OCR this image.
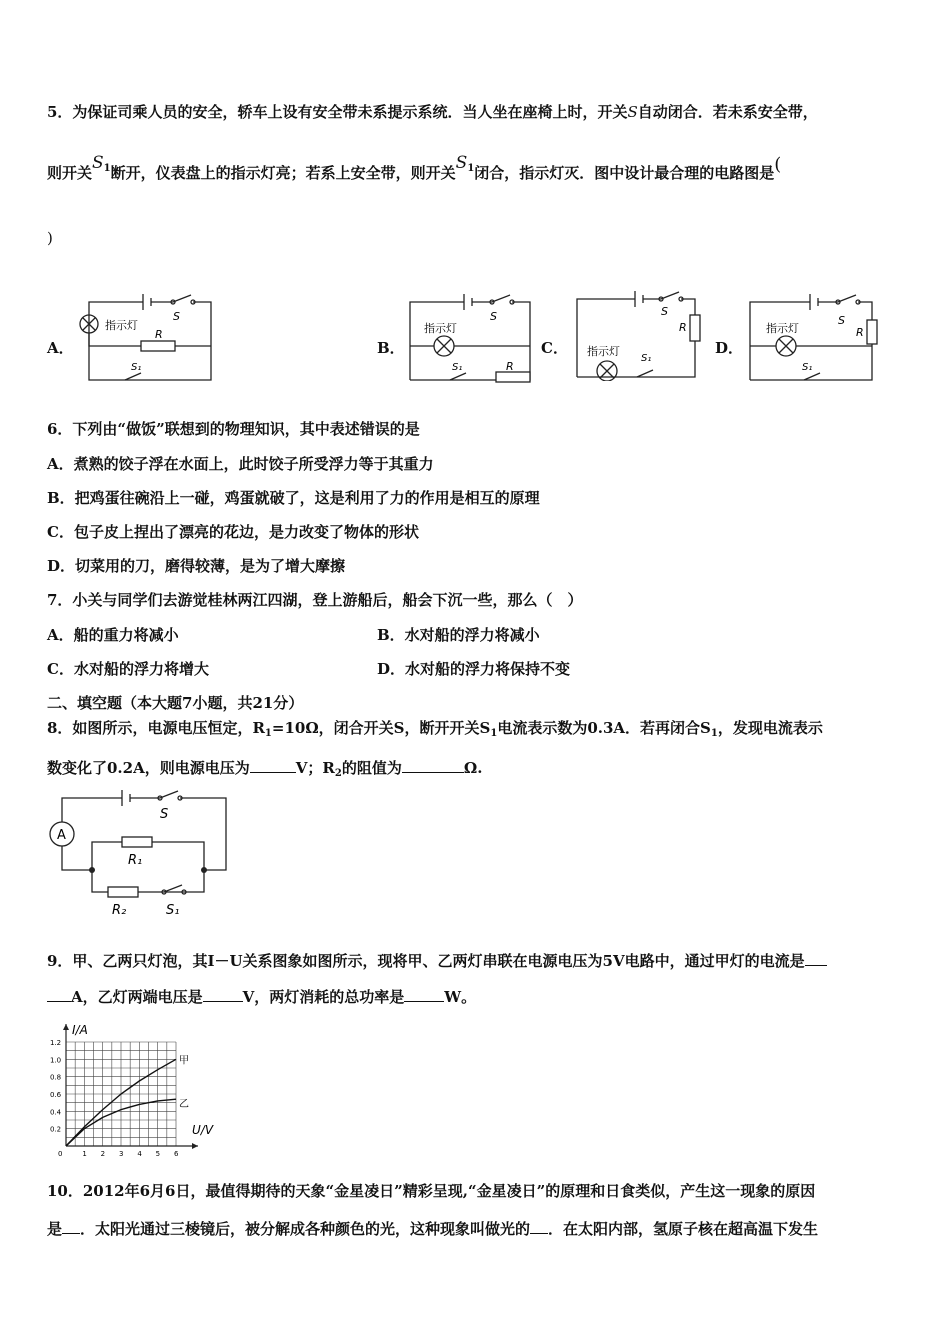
5．为保证司乘人员的安全，轿车上设有安全带未系提示系统．当人坐在座椅上时，开关S自动闭合．若未系安全带，
则开关$S^1$断开，仪表盘上的指示灯亮；若系上安全带，则开关$S^1$闭合，指示灯灭．图中设计最合理的电路图是(
)
A．	B．	C．	D．
指示灯
S
R
S₁
指示灯
S
R
S₁
指示灯
S
R
S₁
指示灯
S
R
S₁
6．下列由“做饭”联想到的物理知识，其中表述错误的是
A．煮熟的饺子浮在水面上，此时饺子所受浮力等于其重力
B．把鸡蛋往碗沿上一碰，鸡蛋就破了，这是利用了力的作用是相互的原理
C．包子皮上捏出了漂亮的花边，是力改变了物体的形状
D．切菜用的刀，磨得较薄，是为了增大摩擦
7．小关与同学们去游觉桂林两江四湖，登上游船后，船会下沉一些，那么（　）
A．船的重力将减小	B．水对船的浮力将减小
C．水对船的浮力将增大	D．水对船的浮力将保持不变
二、填空题（本大题7小题，共21分）
8．如图所示，电源电压恒定，$R_1=10\Omega$，闭合开关S，断开开关$S_1$电流表示数为0.3A．若再闭合$S_1$，发现电流表示
数变化了0.2A，则电源电压为	V；$R_2$的阻值为	Ω.
A
S
R₁
R₂	S₁
9．甲、乙两只灯泡，其I－U关系图象如图所示，现将甲、乙两灯串联在电源电压为5V电路中，通过甲灯的电流是
A，乙灯两端电压是	V，两灯消耗的总功率是	W。
1 2 3 4 5 6
0.2
0.4
0.6
0.8
1.0
1.2
0
I/A
U/V
甲
乙
10．2012年6月6日，最值得期待的天象“金星凌日”精彩呈现,“金星凌日”的原理和日食类似，产生这一现象的原因
是 ．太阳光通过三棱镜后，被分解成各种颜色的光，这种现象叫做光的 ．在太阳内部，氢原子核在超高温下发生
